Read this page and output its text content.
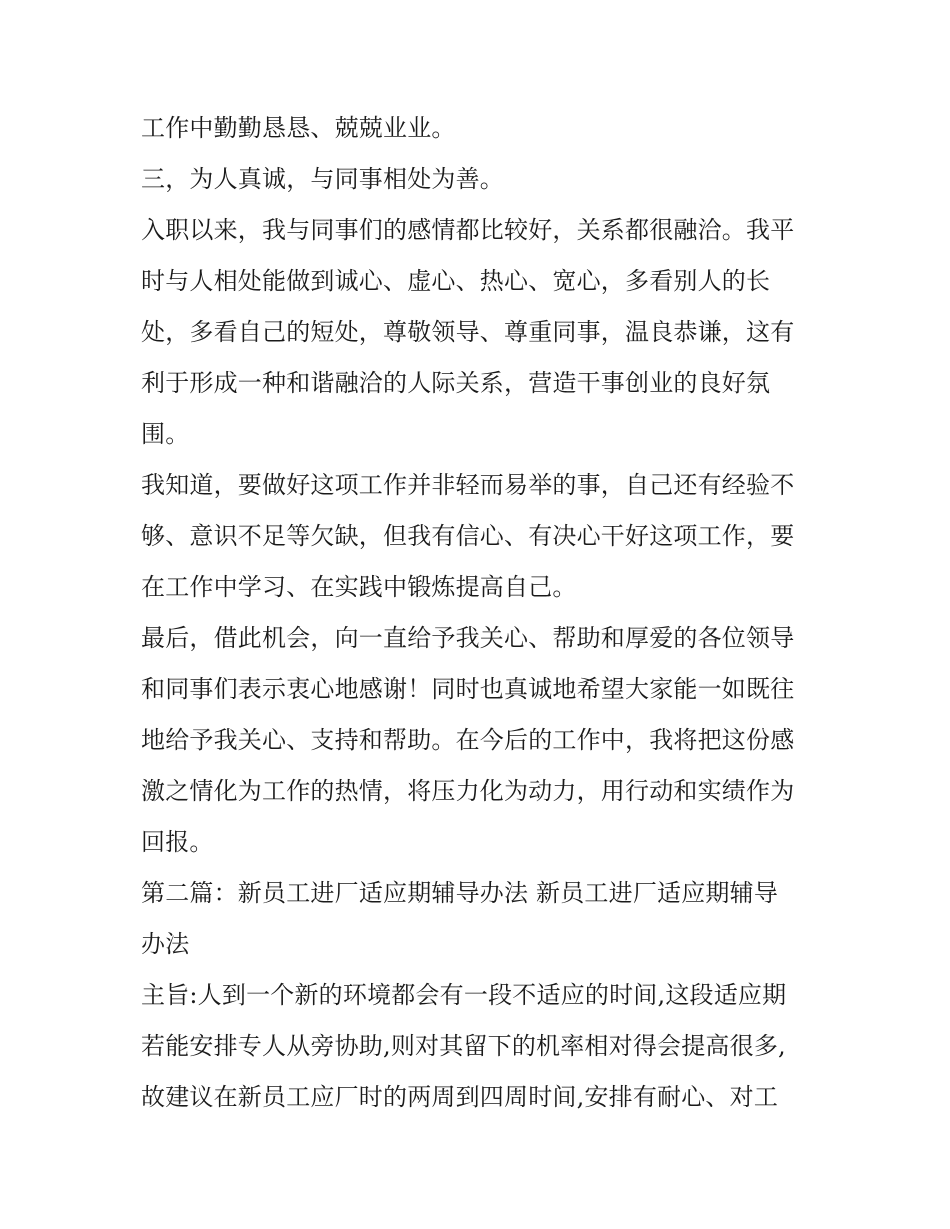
工作中勤勤恳恳、兢兢业业。
三，为人真诚，与同事相处为善。
入职以来，我与同事们的感情都比较好，关系都很融洽。我平
时与人相处能做到诚心、虚心、热心、宽心，多看别人的长
处，多看自己的短处，尊敬领导、尊重同事，温良恭谦，这有
利于形成一种和谐融洽的人际关系，营造干事创业的良好氛
围。
我知道，要做好这项工作并非轻而易举的事，自己还有经验不
够、意识不足等欠缺，但我有信心、有决心干好这项工作，要
在工作中学习、在实践中锻炼提高自己。
最后，借此机会，向一直给予我关心、帮助和厚爱的各位领导
和同事们表示衷心地感谢！同时也真诚地希望大家能一如既往
地给予我关心、支持和帮助。在今后的工作中，我将把这份感
激之情化为工作的热情，将压力化为动力，用行动和实绩作为
回报。
第二篇：新员工进厂适应期辅导办法 新员工进厂适应期辅导
办法
主旨:人到一个新的环境都会有一段不适应的时间,这段适应期
若能安排专人从旁协助,则对其留下的机率相对得会提高很多,
故建议在新员工应厂时的两周到四周时间,安排有耐心、对工
